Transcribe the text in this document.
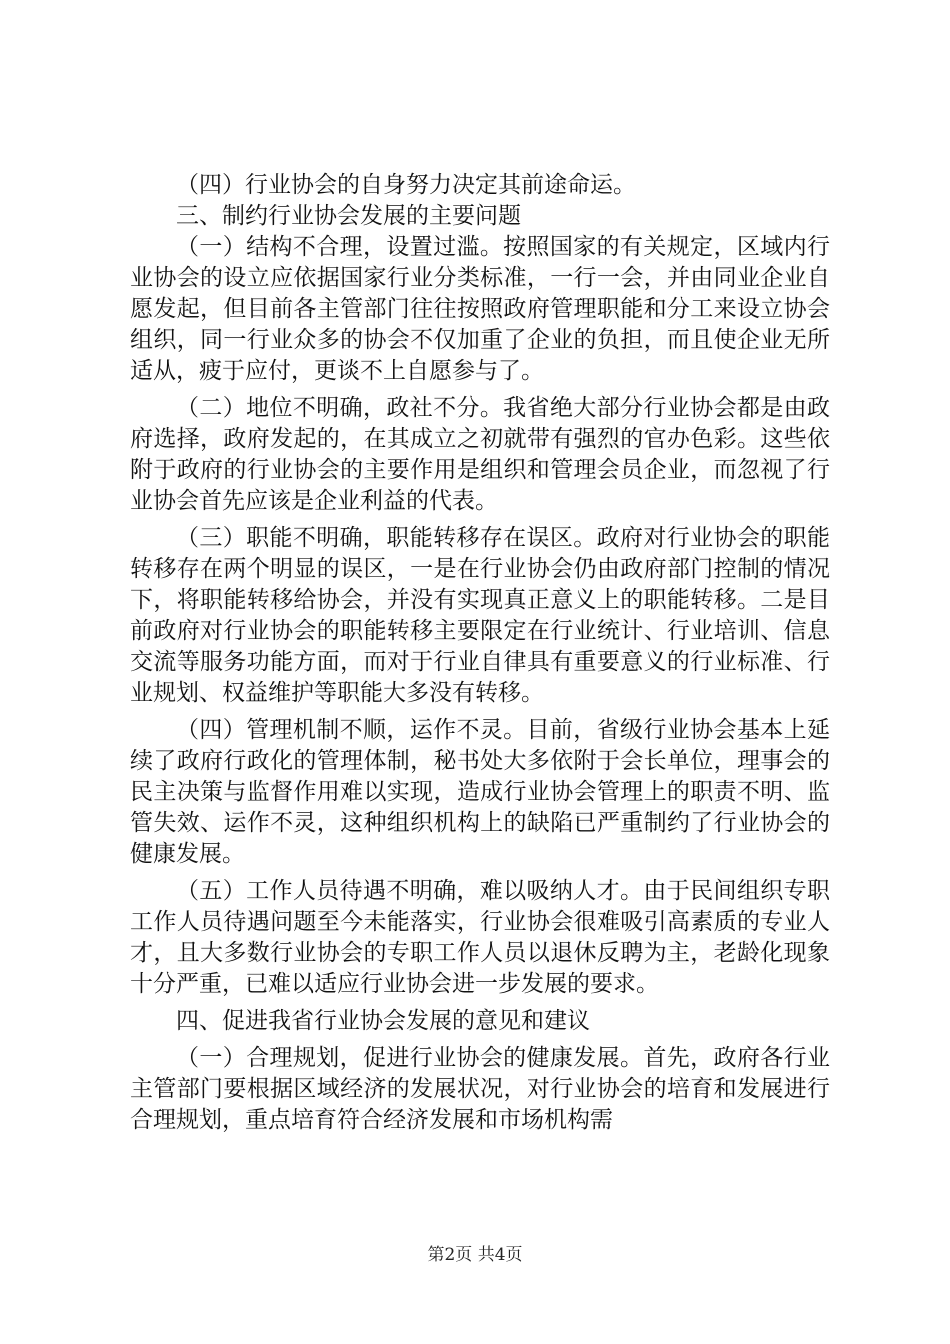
（四）行业协会的自身努力决定其前途命运。

三、制约行业协会发展的主要问题

（一）结构不合理，设置过滥。按照国家的有关规定，区域内行业协会的设立应依据国家行业分类标准，一行一会，并由同业企业自愿发起，但目前各主管部门往往按照政府管理职能和分工来设立协会组织，同一行业众多的协会不仅加重了企业的负担，而且使企业无所适从，疲于应付，更谈不上自愿参与了。

（二）地位不明确，政社不分。我省绝大部分行业协会都是由政府选择，政府发起的，在其成立之初就带有强烈的官办色彩。这些依附于政府的行业协会的主要作用是组织和管理会员企业，而忽视了行业协会首先应该是企业利益的代表。

（三）职能不明确，职能转移存在误区。政府对行业协会的职能转移存在两个明显的误区，一是在行业协会仍由政府部门控制的情况下，将职能转移给协会，并没有实现真正意义上的职能转移。二是目前政府对行业协会的职能转移主要限定在行业统计、行业培训、信息交流等服务功能方面，而对于行业自律具有重要意义的行业标准、行业规划、权益维护等职能大多没有转移。

（四）管理机制不顺，运作不灵。目前，省级行业协会基本上延续了政府行政化的管理体制，秘书处大多依附于会长单位，理事会的民主决策与监督作用难以实现，造成行业协会管理上的职责不明、监管失效、运作不灵，这种组织机构上的缺陷已严重制约了行业协会的健康发展。

（五）工作人员待遇不明确，难以吸纳人才。由于民间组织专职工作人员待遇问题至今未能落实，行业协会很难吸引高素质的专业人才，且大多数行业协会的专职工作人员以退休反聘为主，老龄化现象十分严重，已难以适应行业协会进一步发展的要求。

四、促进我省行业协会发展的意见和建议

（一）合理规划，促进行业协会的健康发展。首先，政府各行业主管部门要根据区域经济的发展状况，对行业协会的培育和发展进行合理规划，重点培育符合经济发展和市场机构需

第2页 共4页
